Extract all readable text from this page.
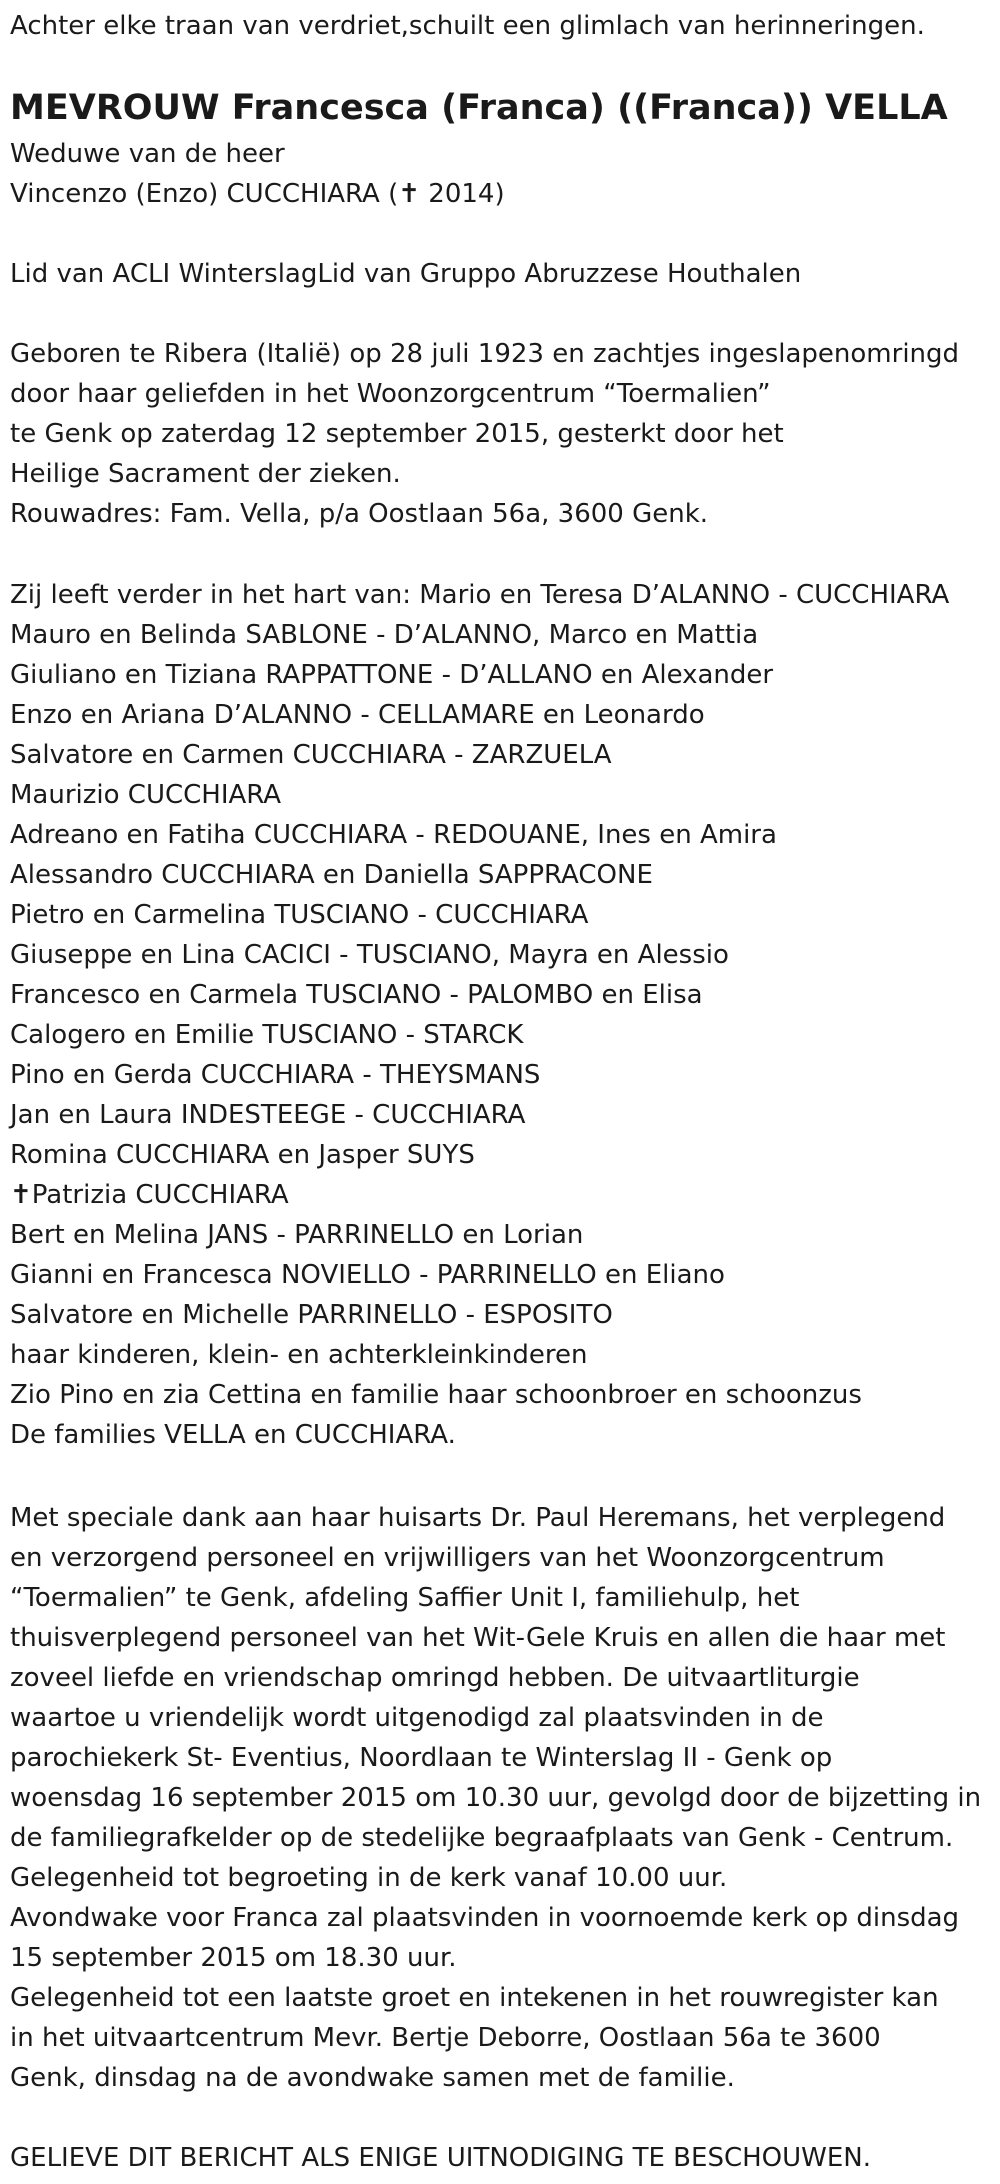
Achter elke traan van verdriet,schuilt een glimlach van herinneringen.

MEVROUW Francesca (Franca) ((Franca)) VELLA

Weduwe van de heer

Vincenzo (Enzo) CUCCHIARA (✝ 2014)

Lid van ACLI WinterslagLid van Gruppo Abruzzese Houthalen

Geboren te Ribera (Italië) op 28 juli 1923 en zachtjes ingeslapenomringd

door haar geliefden in het Woonzorgcentrum “Toermalien”

te Genk op zaterdag 12 september 2015, gesterkt door het

Heilige Sacrament der zieken.

Rouwadres: Fam. Vella, p/a Oostlaan 56a, 3600 Genk.

Zij leeft verder in het hart van: Mario en Teresa D’ALANNO - CUCCHIARA

Mauro en Belinda SABLONE - D’ALANNO, Marco en Mattia

Giuliano en Tiziana RAPPATTONE - D’ALLANO en Alexander

Enzo en Ariana D’ALANNO - CELLAMARE en Leonardo

Salvatore en Carmen CUCCHIARA - ZARZUELA

Maurizio CUCCHIARA

Adreano en Fatiha CUCCHIARA - REDOUANE, Ines en Amira

Alessandro CUCCHIARA en Daniella SAPPRACONE

Pietro en Carmelina TUSCIANO - CUCCHIARA

Giuseppe en Lina CACICI - TUSCIANO, Mayra en Alessio

Francesco en Carmela TUSCIANO - PALOMBO en Elisa

Calogero en Emilie TUSCIANO - STARCK

Pino en Gerda CUCCHIARA - THEYSMANS

Jan en Laura INDESTEEGE - CUCCHIARA

Romina CUCCHIARA en Jasper SUYS

✝Patrizia CUCCHIARA

Bert en Melina JANS - PARRINELLO en Lorian

Gianni en Francesca NOVIELLO - PARRINELLO en Eliano

Salvatore en Michelle PARRINELLO - ESPOSITO

haar kinderen, klein- en achterkleinkinderen

Zio Pino en zia Cettina en familie haar schoonbroer en schoonzus

De families VELLA en CUCCHIARA.

Met speciale dank aan haar huisarts Dr. Paul Heremans, het verplegend

en verzorgend personeel en vrijwilligers van het Woonzorgcentrum

“Toermalien” te Genk, afdeling Saffier Unit I, familiehulp, het

thuisverplegend personeel van het Wit-Gele Kruis en allen die haar met

zoveel liefde en vriendschap omringd hebben. De uitvaartliturgie

waartoe u vriendelijk wordt uitgenodigd zal plaatsvinden in de

parochiekerk St- Eventius, Noordlaan te Winterslag II - Genk op

woensdag 16 september 2015 om 10.30 uur, gevolgd door de bijzetting in

de familiegrafkelder op de stedelijke begraafplaats van Genk - Centrum.

Gelegenheid tot begroeting in de kerk vanaf 10.00 uur.

Avondwake voor Franca zal plaatsvinden in voornoemde kerk op dinsdag

15 september 2015 om 18.30 uur.

Gelegenheid tot een laatste groet en intekenen in het rouwregister kan

in het uitvaartcentrum Mevr. Bertje Deborre, Oostlaan 56a te 3600

Genk, dinsdag na de avondwake samen met de familie.

GELIEVE DIT BERICHT ALS ENIGE UITNODIGING TE BESCHOUWEN.
